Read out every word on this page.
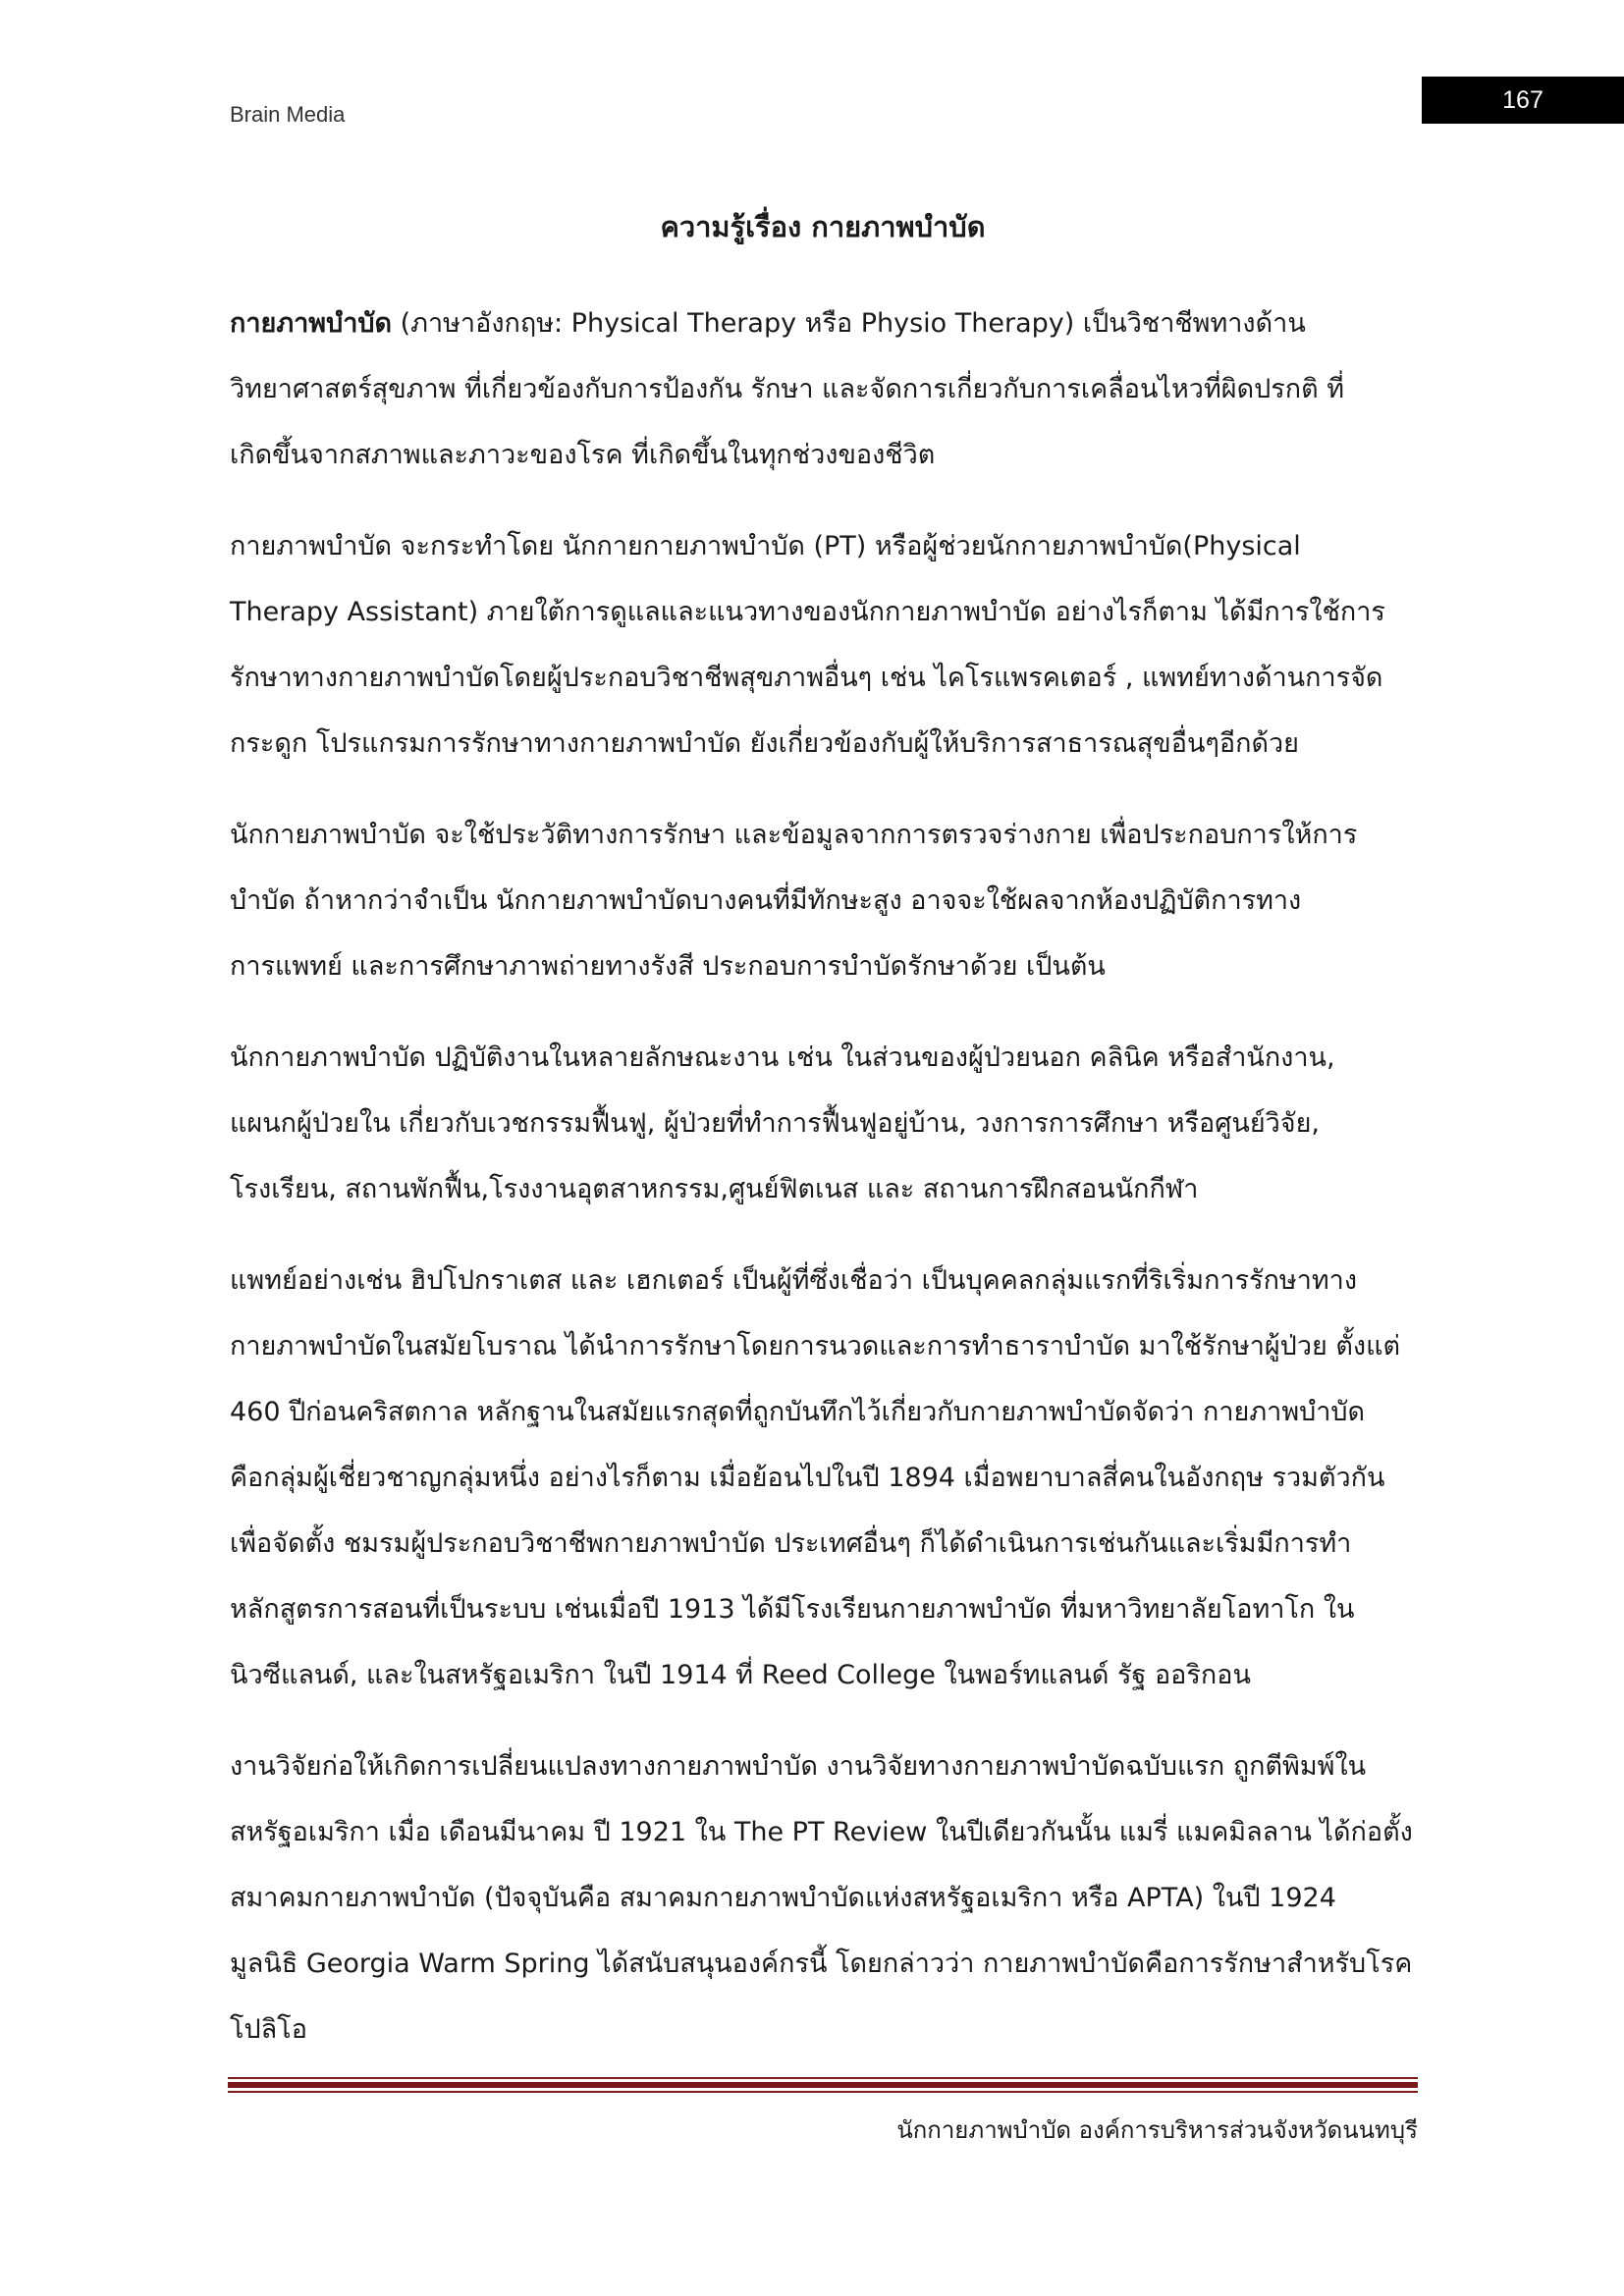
Brain Media
167
ความรู้เรื่อง กายภาพบำบัด
กายภาพบำบัด (ภาษาอังกฤษ: Physical Therapy หรือ Physio Therapy) เป็นวิชาชีพทางด้าน
วิทยาศาสตร์สุขภาพ ที่เกี่ยวข้องกับการป้องกัน รักษา และจัดการเกี่ยวกับการเคลื่อนไหวที่ผิดปรกติ ที่
เกิดขึ้นจากสภาพและภาวะของโรค ที่เกิดขึ้นในทุกช่วงของชีวิต
กายภาพบำบัด จะกระทำโดย นักกายกายภาพบำบัด (PT) หรือผู้ช่วยนักกายภาพบำบัด(Physical
Therapy Assistant) ภายใต้การดูแลและแนวทางของนักกายภาพบำบัด อย่างไรก็ตาม ได้มีการใช้การ
รักษาทางกายภาพบำบัดโดยผู้ประกอบวิชาชีพสุขภาพอื่นๆ เช่น ไคโรแพรคเตอร์ , แพทย์ทางด้านการจัด
กระดูก โปรแกรมการรักษาทางกายภาพบำบัด ยังเกี่ยวข้องกับผู้ให้บริการสาธารณสุขอื่นๆอีกด้วย
นักกายภาพบำบัด จะใช้ประวัติทางการรักษา และข้อมูลจากการตรวจร่างกาย เพื่อประกอบการให้การ
บำบัด ถ้าหากว่าจำเป็น นักกายภาพบำบัดบางคนที่มีทักษะสูง อาจจะใช้ผลจากห้องปฏิบัติการทาง
การแพทย์ และการศึกษาภาพถ่ายทางรังสี ประกอบการบำบัดรักษาด้วย เป็นต้น
นักกายภาพบำบัด ปฏิบัติงานในหลายลักษณะงาน เช่น ในส่วนของผู้ป่วยนอก คลินิค หรือสำนักงาน,
แผนกผู้ป่วยใน เกี่ยวกับเวชกรรมฟื้นฟู, ผู้ป่วยที่ทำการฟื้นฟูอยู่บ้าน, วงการการศึกษา หรือศูนย์วิจัย,
โรงเรียน, สถานพักฟื้น,โรงงานอุตสาหกรรม,ศูนย์ฟิตเนส และ สถานการฝึกสอนนักกีฬา
แพทย์อย่างเช่น ฮิปโปกราเตส และ เฮกเตอร์ เป็นผู้ที่ซึ่งเชื่อว่า เป็นบุคคลกลุ่มแรกที่ริเริ่มการรักษาทาง
กายภาพบำบัดในสมัยโบราณ ได้นำการรักษาโดยการนวดและการทำธาราบำบัด มาใช้รักษาผู้ป่วย ตั้งแต่
460 ปีก่อนคริสตกาล หลักฐานในสมัยแรกสุดที่ถูกบันทึกไว้เกี่ยวกับกายภาพบำบัดจัดว่า กายภาพบำบัด
คือกลุ่มผู้เชี่ยวชาญกลุ่มหนึ่ง อย่างไรก็ตาม เมื่อย้อนไปในปี 1894 เมื่อพยาบาลสี่คนในอังกฤษ รวมตัวกัน
เพื่อจัดตั้ง ชมรมผู้ประกอบวิชาชีพกายภาพบำบัด ประเทศอื่นๆ ก็ได้ดำเนินการเช่นกันและเริ่มมีการทำ
หลักสูตรการสอนที่เป็นระบบ เช่นเมื่อปี 1913 ได้มีโรงเรียนกายภาพบำบัด ที่มหาวิทยาลัยโอทาโก ใน
นิวซีแลนด์, และในสหรัฐอเมริกา ในปี 1914 ที่ Reed College ในพอร์ทแลนด์ รัฐ ออริกอน
งานวิจัยก่อให้เกิดการเปลี่ยนแปลงทางกายภาพบำบัด งานวิจัยทางกายภาพบำบัดฉบับแรก ถูกตีพิมพ์ใน
สหรัฐอเมริกา เมื่อ เดือนมีนาคม ปี 1921 ใน The PT Review ในปีเดียวกันนั้น แมรี่ แมคมิลลาน ได้ก่อตั้ง
สมาคมกายภาพบำบัด (ปัจจุบันคือ สมาคมกายภาพบำบัดแห่งสหรัฐอเมริกา หรือ APTA) ในปี 1924
มูลนิธิ Georgia Warm Spring ได้สนับสนุนองค์กรนี้ โดยกล่าวว่า กายภาพบำบัดคือการรักษาสำหรับโรค
โปลิโอ
นักกายภาพบำบัด องค์การบริหารส่วนจังหวัดนนทบุรี
